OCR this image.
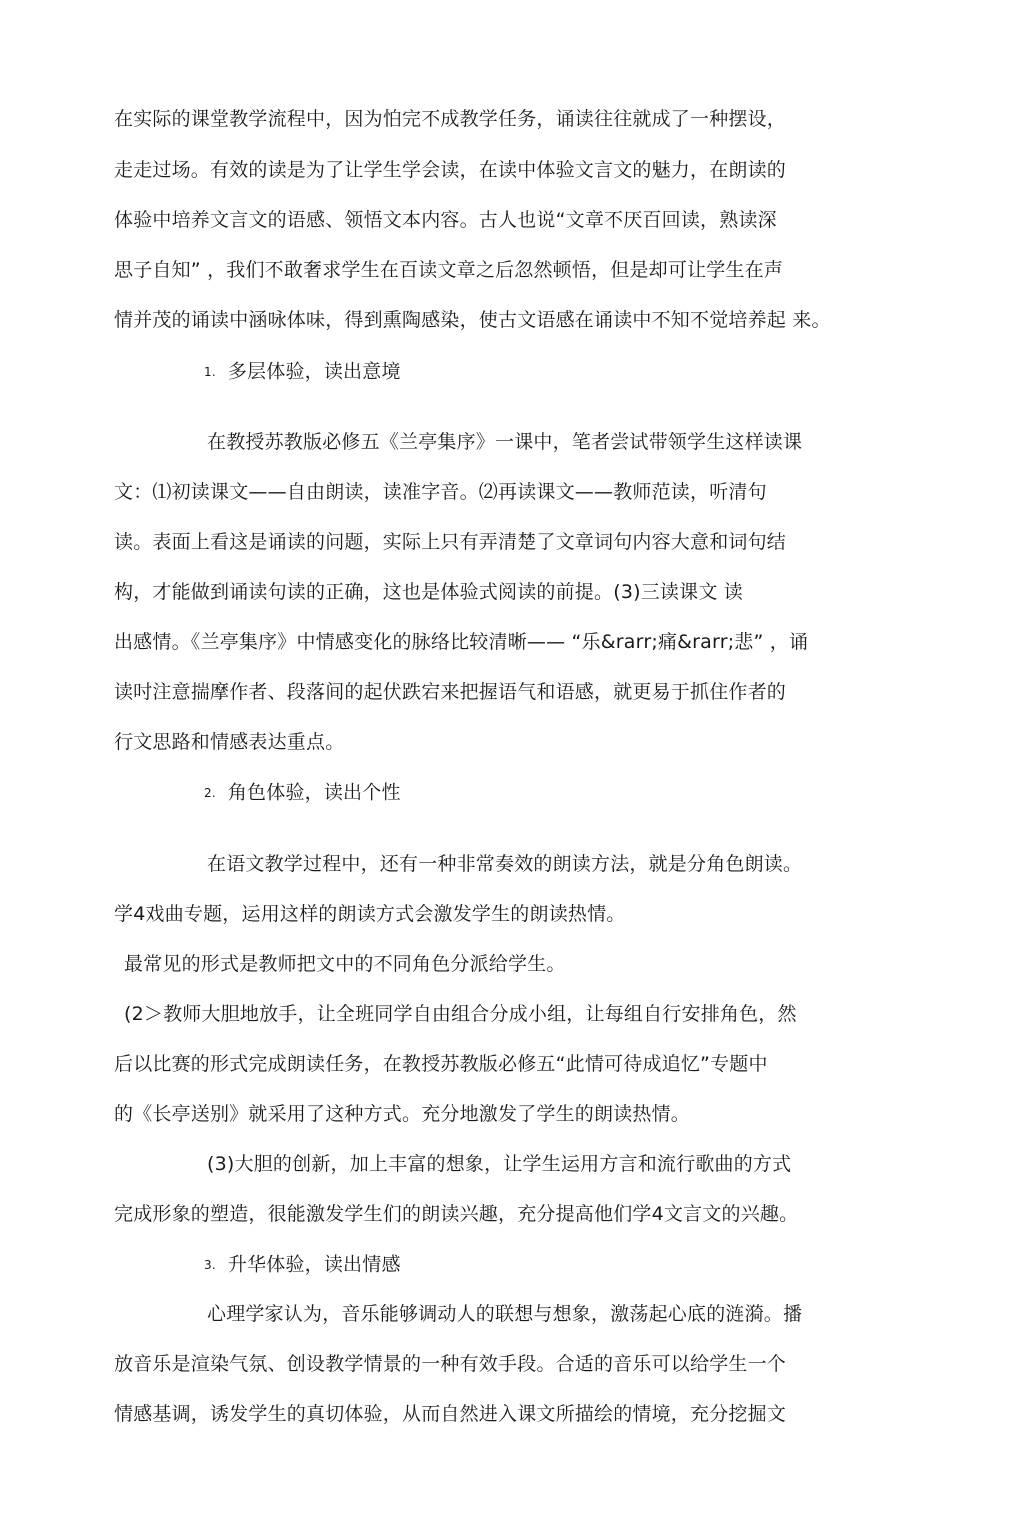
在实际的课堂教学流程中，因为怕完不成教学任务，诵读往往就成了一种摆设，
走走过场。有效的读是为了让学生学会读，在读中体验文言文的魅力，在朗读的
体验中培养文言文的语感、领悟文本内容。古人也说“文章不厌百回读，熟读深
思子自知” ，我们不敢奢求学生在百读文章之后忽然顿悟，但是却可让学生在声
情并茂的诵读中涵咏体味，得到熏陶感染，使古文语感在诵读中不知不觉培养起 来。
1. 多层体验，读出意境
在教授苏教版必修五《兰亭集序》一课中，笔者尝试带领学生这样读课
文：⑴初读课文——自由朗读，读准字音。⑵再读课文——教师范读，听清句
读。表面上看这是诵读的问题，实际上只有弄清楚了文章词句内容大意和词句结
构，才能做到诵读句读的正确，这也是体验式阅读的前提。(3)三读课文 读
出感情。《兰亭集序》中情感变化的脉络比较清晰—— “乐&rarr;痛&rarr;悲” ，诵
读吋注意揣摩作者、段落间的起伏跌宕来把握语气和语感，就更易于抓住作者的
行文思路和情感表达重点。
2. 角色体验，读出个性
在语文教学过程中，还有一种非常奏效的朗读方法，就是分角色朗读。
学4戏曲专题，运用这样的朗读方式会激发学生的朗读热情。
最常见的形式是教师把文中的不同角色分派给学生。
(2＞教师大胆地放手，让全班同学自由组合分成小组，让每组自行安排角色，然
后以比赛的形式完成朗读任务，在教授苏教版必修五“此情可待成追忆”专题中
的《长亭送别》就采用了这种方式。充分地激发了学生的朗读热情。
(3)大胆的创新，加上丰富的想象，让学生运用方言和流行歌曲的方式
完成形象的塑造，很能激发学生们的朗读兴趣，充分提高他们学4文言文的兴趣。
3. 升华体验，读出情感
心理学家认为，音乐能够调动人的联想与想象，激荡起心底的涟漪。播
放音乐是渲染气氛、创设教学情景的一种有效手段。合适的音乐可以给学生一个
情感基调，诱发学生的真切体验，从而自然进入课文所描绘的情境，充分挖掘文
